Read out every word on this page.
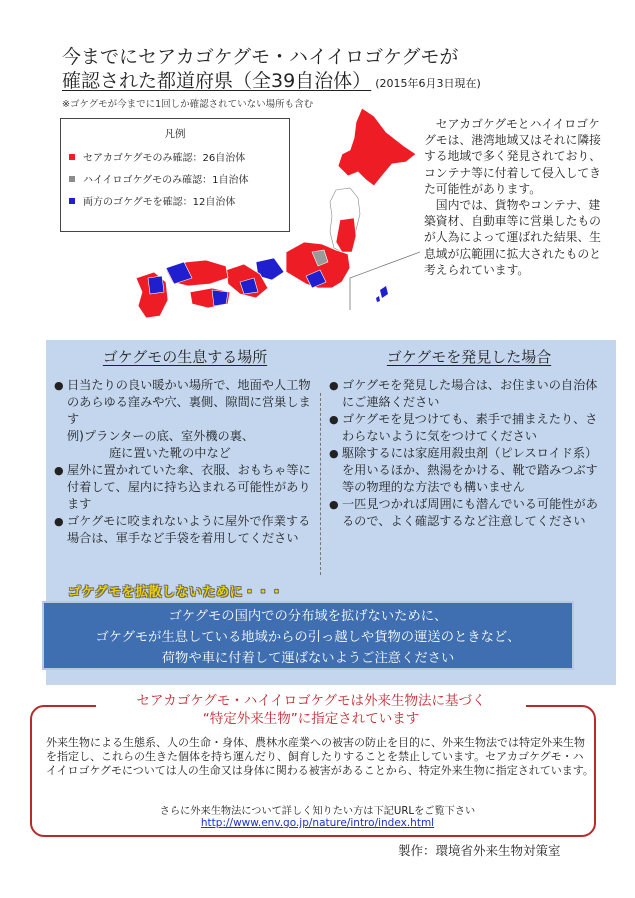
今までにセアカゴケグモ・ハイイロゴケグモが
確認された都道府県（全39自治体） (2015年6月3日現在)
※ゴケグモが今までに1回しか確認されていない場所も含む
凡例
セアカゴケグモのみ確認：26自治体
ハイイロゴケグモのみ確認：1自治体
両方のゴケグモを確認：12自治体

セアカゴケグモとハイイロゴケグモは、港湾地域又はそれに隣接する地域で多く発見されており、コンテナ等に付着して侵入してきた可能性があります。

国内では、貨物やコンテナ、建築資材、自動車等に営巣したものが人為によって運ばれた結果、生息域が広範囲に拡大されたものと考えられています。

ゴケグモの生息する場所
● 日当たりの良い暖かい場所で、地面や人工物のあらゆる窪みや穴、裏側、隙間に営巣します
例)プランターの底、室外機の裏、
庭に置いた靴の中など
● 屋外に置かれていた傘、衣服、おもちゃ等に付着して、屋内に持ち込まれる可能性があります
● ゴケグモに咬まれないように屋外で作業する場合は、軍手など手袋を着用してください
ゴケグモを発見した場合
● ゴケグモを発見した場合は、お住まいの自治体にご連絡ください
● ゴケグモを見つけても、素手で捕まえたり、さわらないように気をつけてください
● 駆除するには家庭用殺虫剤（ピレスロイド系）を用いるほか、熱湯をかける、靴で踏みつぶす等の物理的な方法でも構いません
● 一匹見つかれば周囲にも潜んでいる可能性があるので、よく確認するなど注意してください
ゴケグモを拡散しないために・・・
ゴケグモの国内での分布域を拡げないために、
ゴケグモが生息している地域からの引っ越しや貨物の運送のときなど、
荷物や車に付着して運ばないようご注意ください
セアカゴケグモ・ハイイロゴケグモは外来生物法に基づく
“特定外来生物”に指定されています
外来生物による生態系、人の生命・身体、農林水産業への被害の防止を目的に、外来生物法では特定外来生物を指定し、これらの生きた個体を持ち運んだり、飼育したりすることを禁止しています。セアカゴケグモ・ハイイロゴケグモについては人の生命又は身体に関わる被害があることから、特定外来生物に指定されています。
さらに外来生物法について詳しく知りたい方は下記URLをご覧下さい
http://www.env.go.jp/nature/intro/index.html
製作：環境省外来生物対策室
